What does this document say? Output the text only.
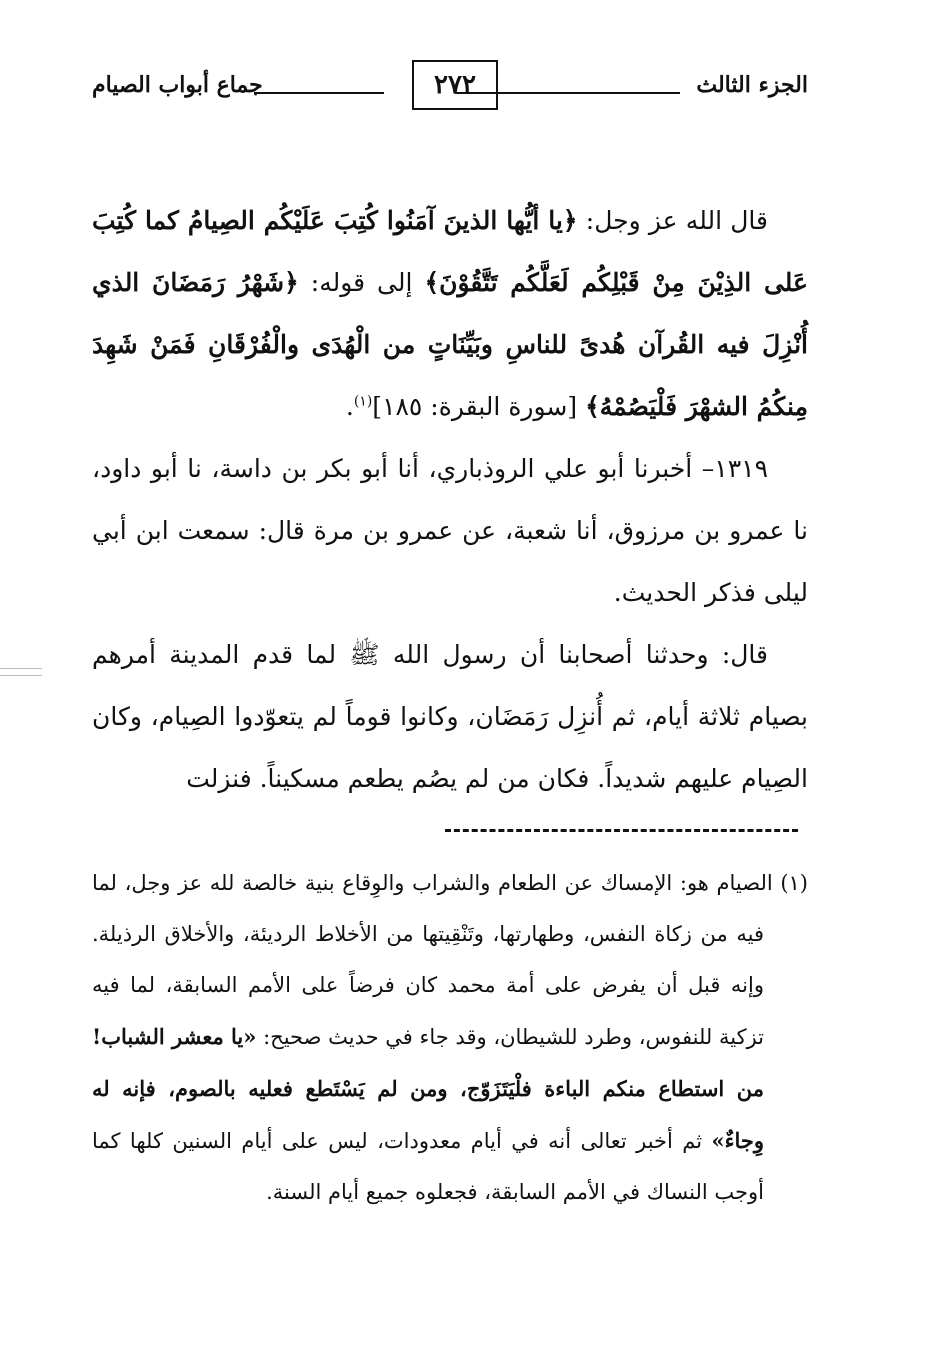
الجزء الثالث
٢٧٢
جماع أبواب الصيام

قال الله عز وجل: ﴿يا أيُّها الذينَ آمَنُوا كُتِبَ عَلَيْكُم الصِيامُ كما كُتِبَ عَلى الذِيْنَ مِنْ قَبْلِكُم لَعَلَّكُم تَتَّقُوْنَ﴾ إلى قوله: ﴿شَهْرُ رَمَضَانَ الذي أُنْزِلَ فيه القُرآن هُدىً للناسِ وبَيِّنَاتٍ من الْهُدَى والْفُرْقَانِ فَمَنْ شَهِدَ مِنكُمُ الشهْرَ فَلْيَصُمْهُ﴾ [سورة البقرة: ١٨٥]$^{(١)}$.

١٣١٩– أخبرنا أبو علي الروذباري، أنا أبو بكر بن داسة، نا أبو داود، نا عمرو بن مرزوق، أنا شعبة، عن عمرو بن مرة قال: سمعت ابن أبي ليلى فذكر الحديث.

قال: وحدثنا أصحابنا أن رسول الله ﷺ لما قدم المدينة أمرهم بصيام ثلاثة أيام، ثم أُنزِل رَمَضَان، وكانوا قوماً لم يتعوّدوا الصِيام، وكان الصِيام عليهم شديداً. فكان من لم يصُم يطعم مسكيناً. فنزلت

(١) الصيام هو: الإمساك عن الطعام والشراب والوِقاع بنية خالصة لله عز وجل، لما فيه من زكاة النفس، وطهارتها، وتَنْقِيتها من الأخلاط الرديئة، والأخلاق الرذيلة. وإنه قبل أن يفرض على أمة محمد كان فرضاً على الأمم السابقة، لما فيه تزكية للنفوس، وطرد للشيطان، وقد جاء في حديث صحيح: «يا معشر الشباب! من استطاع منكم الباءة فلْيَتَزَوّج، ومن لم يَسْتَطع فعليه بالصوم، فإنه له وِجاءٌ» ثم أخبر تعالى أنه في أيام معدودات، ليس على أيام السنين كلها كما أوجب النساك في الأمم السابقة، فجعلوه جميع أيام السنة.
